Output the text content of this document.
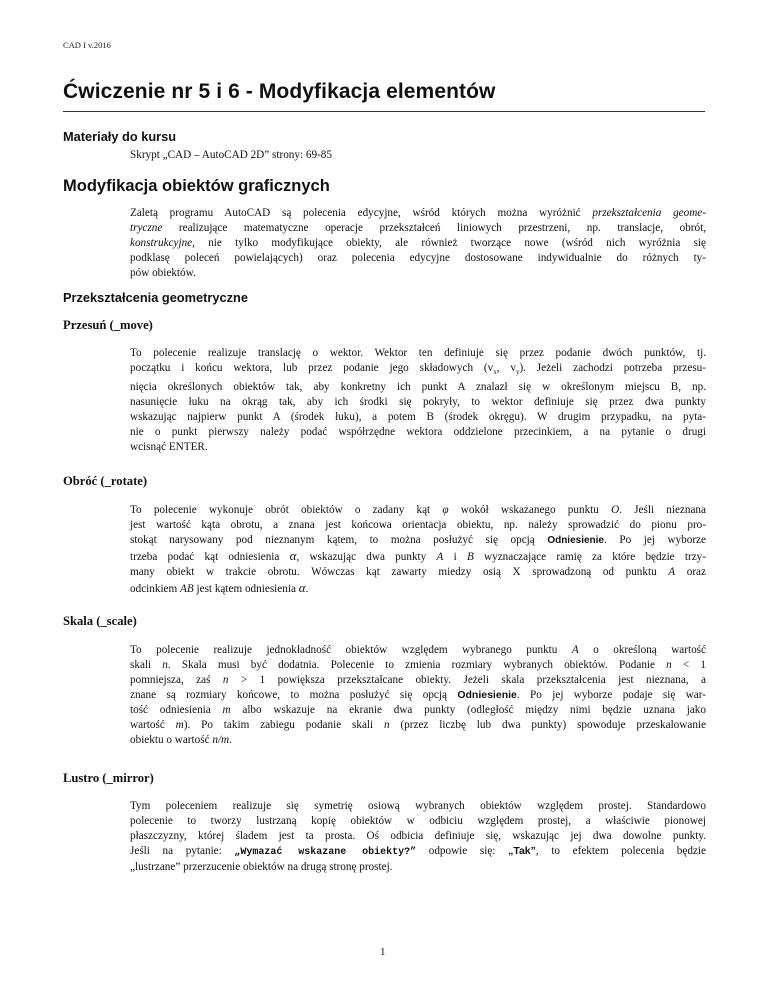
CAD I v.2016
Ćwiczenie nr 5 i 6 - Modyfikacja elementów
Materiały do kursu
Skrypt „CAD – AutoCAD 2D” strony: 69-85
Modyfikacja obiektów graficznych
Zaletą programu AutoCAD są polecenia edycyjne, wśród których można wyróżnić przekształcenia geome-
tryczne realizujące matematyczne operacje przekształceń liniowych przestrzeni, np. translacje, obrót,
konstrukcyjne, nie tylko modyfikujące obiekty, ale również tworzące nowe (wśród nich wyróżnia się
podklasę poleceń powielających) oraz polecenia edycyjne dostosowane indywidualnie do różnych ty-
pów obiektów.
Przekształcenia geometryczne
Przesuń (_move)
To polecenie realizuje translację o wektor. Wektor ten definiuje się przez podanie dwóch punktów, tj.
początku i końcu wektora, lub przez podanie jego składowych ($v_x$, $v_y$). Jeżeli zachodzi potrzeba przesu-
nięcia określonych obiektów tak, aby konkretny ich punkt A znalazł się w określonym miejscu B, np.
nasunięcie łuku na okrąg tak, aby ich środki się pokryły, to wektor definiuje się przez dwa punkty
wskazując najpierw punkt A (środek łuku), a potem B (środek okręgu). W drugim przypadku, na pyta-
nie o punkt pierwszy należy podać współrzędne wektora oddzielone przecinkiem, a na pytanie o drugi
wcisnąć ENTER.
Obróć (_rotate)
To polecenie wykonuje obrót obiektów o zadany kąt φ wokół wskazanego punktu O. Jeśli nieznana
jest wartość kąta obrotu, a znana jest końcowa orientacja obiektu, np. należy sprowadzić do pionu pro-
stokąt narysowany pod nieznanym kątem, to można posłużyć się opcją Odniesienie. Po jej wyborze
trzeba podać kąt odniesienia α, wskazując dwa punkty A i B wyznaczające ramię za które będzie trzy-
many obiekt w trakcie obrotu. Wówczas kąt zawarty miedzy osią X sprowadzoną od punktu A oraz
odcinkiem AB jest kątem odniesienia α.
Skala (_scale)
To polecenie realizuje jednokładność obiektów względem wybranego punktu A o określoną wartość
skali n. Skala musi być dodatnia. Polecenie to zmienia rozmiary wybranych obiektów. Podanie n < 1
pomniejsza, zaś n > 1 powiększa przekształcane obiekty. Jeżeli skala przekształcenia jest nieznana, a
znane są rozmiary końcowe, to można posłużyć się opcją Odniesienie. Po jej wyborze podaje się war-
tość odniesienia m albo wskazuje na ekranie dwa punkty (odległość między nimi będzie uznana jako
wartość m). Po takim zabiegu podanie skali n (przez liczbę lub dwa punkty) spowoduje przeskalowanie
obiektu o wartość n/m.
Lustro (_mirror)
Tym poleceniem realizuje się symetrię osiową wybranych obiektów względem prostej. Standardowo
polecenie to tworzy lustrzaną kopię obiektów w odbiciu względem prostej, a właściwie pionowej
płaszczyzny, której śladem jest ta prosta. Oś odbicia definiuje się, wskazując jej dwa dowolne punkty.
Jeśli na pytanie: „Wymazać wskazane obiekty?” odpowie się: „Tak”, to efektem polecenia będzie
„lustrzane” przerzucenie obiektów na drugą stronę prostej.
1
